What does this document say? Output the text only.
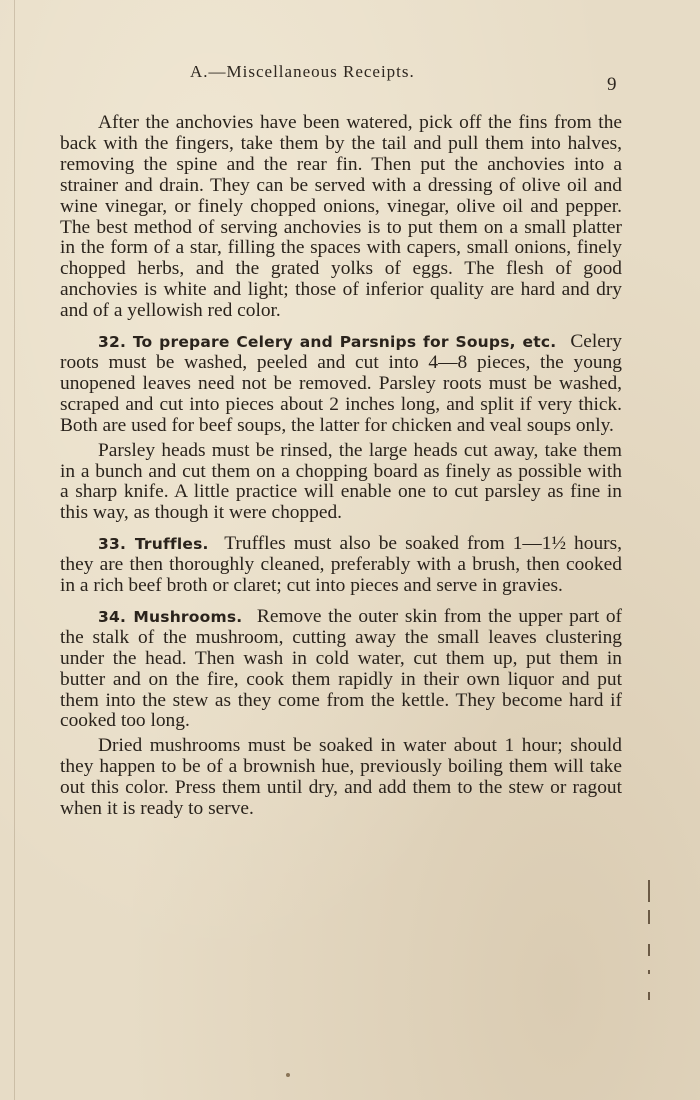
A.—Miscellaneous Receipts.
9

After the anchovies have been watered, pick off the fins from the back with the fingers, take them by the tail and pull them into halves, removing the spine and the rear fin. Then put the anchovies into a strainer and drain. They can be served with a dressing of olive oil and wine vinegar, or finely chopped onions, vinegar, olive oil and pepper. The best method of serving anchovies is to put them on a small platter in the form of a star, filling the spaces with capers, small onions, finely chopped herbs, and the grated yolks of eggs. The flesh of good anchovies is white and light; those of inferior quality are hard and dry and of a yellowish red color.

32. To prepare Celery and Parsnips for Soups, etc.  Celery roots must be washed, peeled and cut into 4—8 pieces, the young unopened leaves need not be removed. Parsley roots must be washed, scraped and cut into pieces about 2 inches long, and split if very thick. Both are used for beef soups, the latter for chicken and veal soups only.

Parsley heads must be rinsed, the large heads cut away, take them in a bunch and cut them on a chopping board as finely as possible with a sharp knife. A little practice will enable one to cut parsley as fine in this way, as though it were chopped.

33. Truffles.  Truffles must also be soaked from 1—1½ hours, they are then thoroughly cleaned, preferably with a brush, then cooked in a rich beef broth or claret; cut into pieces and serve in gravies.

34. Mushrooms.  Remove the outer skin from the upper part of the stalk of the mushroom, cutting away the small leaves clustering under the head. Then wash in cold water, cut them up, put them in butter and on the fire, cook them rapidly in their own liquor and put them into the stew as they come from the kettle. They become hard if cooked too long.

Dried mushrooms must be soaked in water about 1 hour; should they happen to be of a brownish hue, previously boiling them will take out this color. Press them until dry, and add them to the stew or ragout when it is ready to serve.
